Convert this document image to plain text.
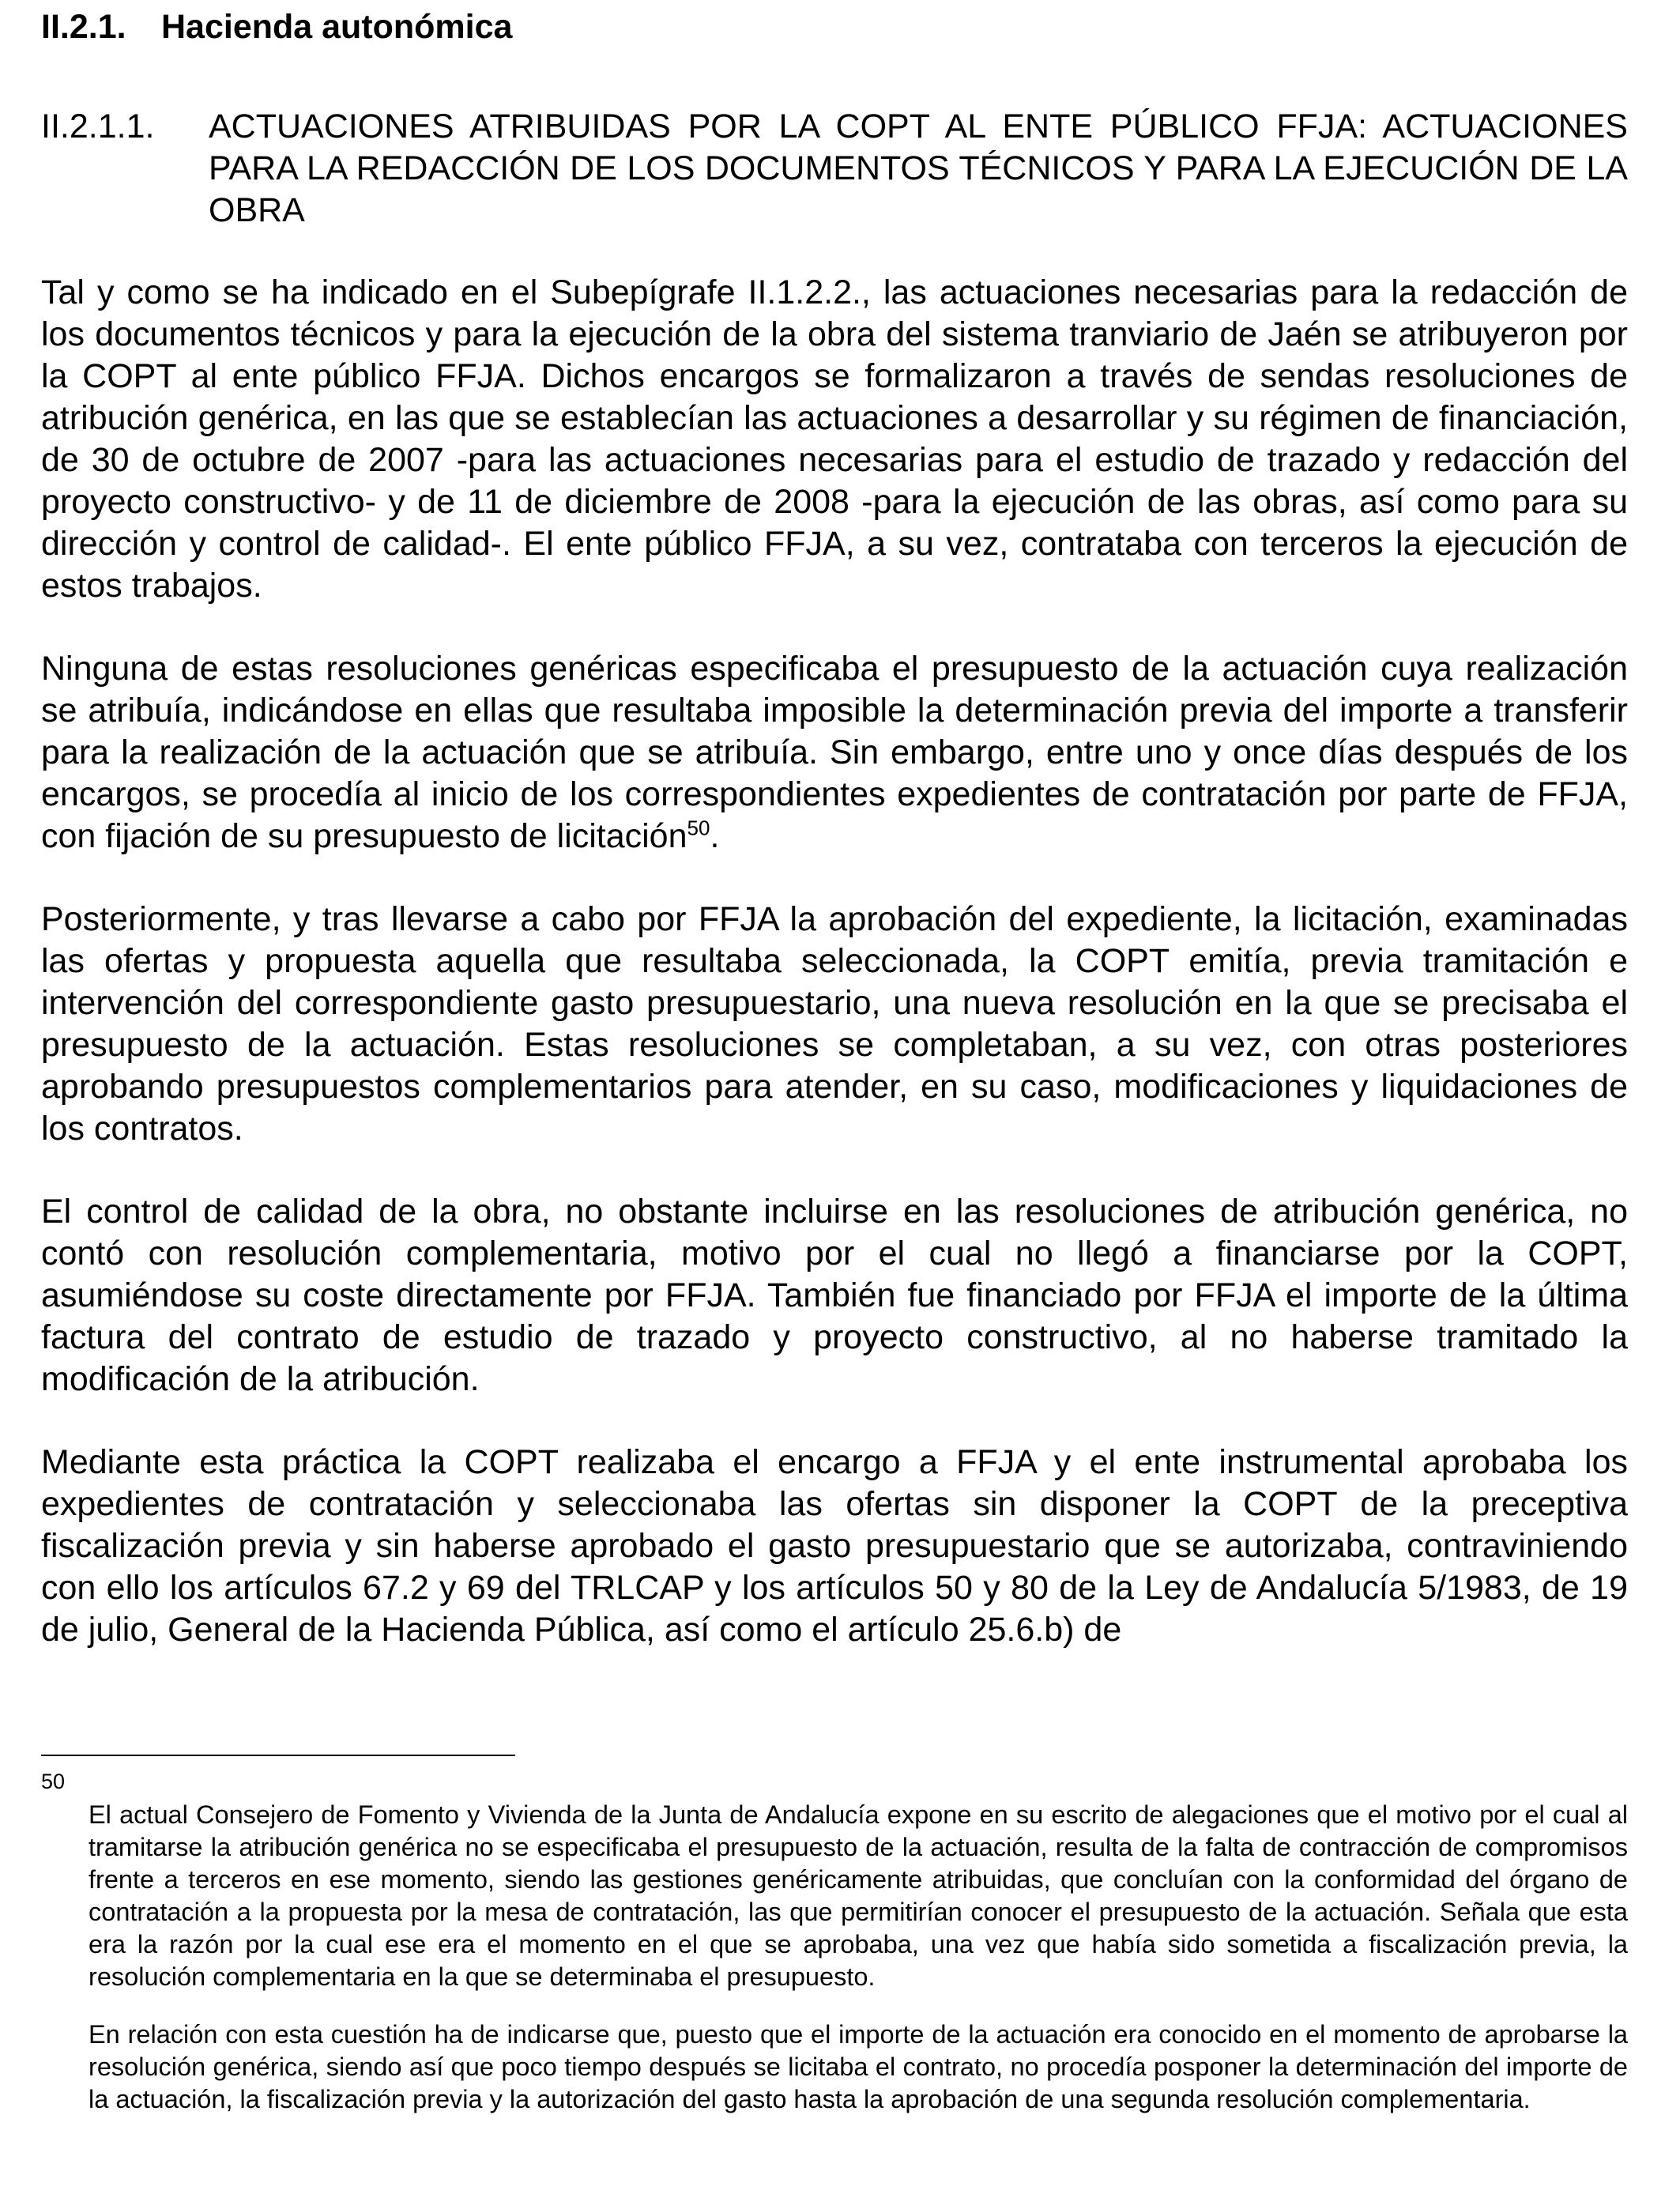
II.2.1. Hacienda autonómica
II.2.1.1. ACTUACIONES ATRIBUIDAS POR LA COPT AL ENTE PÚBLICO FFJA: ACTUACIONES PARA LA REDACCIÓN DE LOS DOCUMENTOS TÉCNICOS Y PARA LA EJECUCIÓN DE LA OBRA

Tal y como se ha indicado en el Subepígrafe II.1.2.2., las actuaciones necesarias para la redacción de los documentos técnicos y para la ejecución de la obra del sistema tranviario de Jaén se atribuyeron por la COPT al ente público FFJA. Dichos encargos se formalizaron a través de sendas resoluciones de atribución genérica, en las que se establecían las actuaciones a desarrollar y su régimen de financiación, de 30 de octubre de 2007 -para las actuaciones necesarias para el estudio de trazado y redacción del proyecto constructivo- y de 11 de diciembre de 2008 -para la ejecución de las obras, así como para su dirección y control de calidad-. El ente público FFJA, a su vez, contrataba con terceros la ejecución de estos trabajos.

Ninguna de estas resoluciones genéricas especificaba el presupuesto de la actuación cuya realización se atribuía, indicándose en ellas que resultaba imposible la determinación previa del importe a transferir para la realización de la actuación que se atribuía. Sin embargo, entre uno y once días después de los encargos, se procedía al inicio de los correspondientes expedientes de contratación por parte de FFJA, con fijación de su presupuesto de licitación$^{50}$.

Posteriormente, y tras llevarse a cabo por FFJA la aprobación del expediente, la licitación, examinadas las ofertas y propuesta aquella que resultaba seleccionada, la COPT emitía, previa tramitación e intervención del correspondiente gasto presupuestario, una nueva resolución en la que se precisaba el presupuesto de la actuación. Estas resoluciones se completaban, a su vez, con otras posteriores aprobando presupuestos complementarios para atender, en su caso, modificaciones y liquidaciones de los contratos.

El control de calidad de la obra, no obstante incluirse en las resoluciones de atribución genérica, no contó con resolución complementaria, motivo por el cual no llegó a financiarse por la COPT, asumiéndose su coste directamente por FFJA. También fue financiado por FFJA el importe de la última factura del contrato de estudio de trazado y proyecto constructivo, al no haberse tramitado la modificación de la atribución.

Mediante esta práctica la COPT realizaba el encargo a FFJA y el ente instrumental aprobaba los expedientes de contratación y seleccionaba las ofertas sin disponer la COPT de la preceptiva fiscalización previa y sin haberse aprobado el gasto presupuestario que se autorizaba, contraviniendo con ello los artículos 67.2 y 69 del TRLCAP y los artículos 50 y 80 de la Ley de Andalucía 5/1983, de 19 de julio, General de la Hacienda Pública, así como el artículo 25.6.b) de

50

El actual Consejero de Fomento y Vivienda de la Junta de Andalucía expone en su escrito de alegaciones que el motivo por el cual al tramitarse la atribución genérica no se especificaba el presupuesto de la actuación, resulta de la falta de contracción de compromisos frente a terceros en ese momento, siendo las gestiones genéricamente atribuidas, que concluían con la conformidad del órgano de contratación a la propuesta por la mesa de contratación, las que permitirían conocer el presupuesto de la actuación. Señala que esta era la razón por la cual ese era el momento en el que se aprobaba, una vez que había sido sometida a fiscalización previa, la resolución complementaria en la que se determinaba el presupuesto.

En relación con esta cuestión ha de indicarse que, puesto que el importe de la actuación era conocido en el momento de aprobarse la resolución genérica, siendo así que poco tiempo después se licitaba el contrato, no procedía posponer la determinación del importe de la actuación, la fiscalización previa y la autorización del gasto hasta la aprobación de una segunda resolución complementaria.
